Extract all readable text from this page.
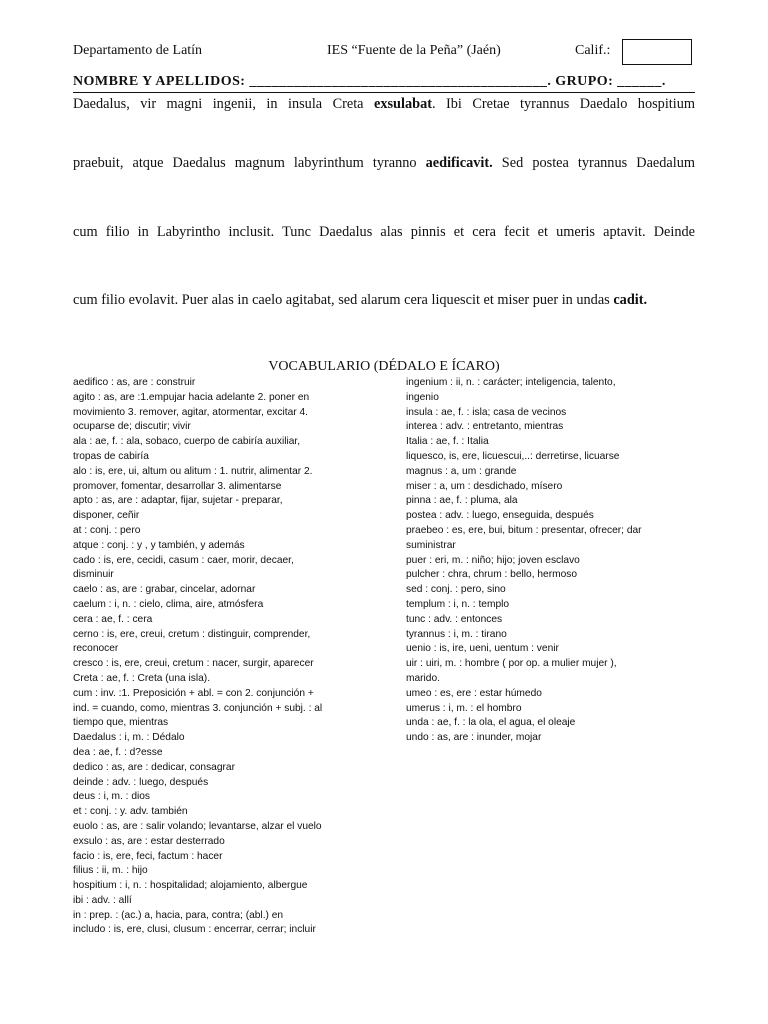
Departamento de Latín	IES “Fuente de la Peña” (Jaén)	Calif.:
NOMBRE Y APELLIDOS: ________________________________________. GRUPO: ______.
Daedalus, vir magni ingenii, in insula Creta exsulabat. Ibi Cretae tyrannus Daedalo hospitium
praebuit, atque Daedalus magnum labyrinthum tyranno aedificavit. Sed postea tyrannus Daedalum
cum filio in Labyrintho inclusit. Tunc Daedalus alas pinnis et cera fecit et umeris aptavit. Deinde
cum filio evolavit. Puer alas in caelo agitabat, sed alarum cera liquescit et miser puer in undas cadit.
VOCABULARIO (DÉDALO E ÍCARO)
aedifico : as, are : construir
agito : as, are :1.empujar hacia adelante 2. poner en
movimiento 3. remover, agitar, atormentar, excitar 4.
ocuparse de; discutir; vivir
ala : ae, f. : ala, sobaco, cuerpo de cabiría auxiliar,
tropas de cabiría
alo : is, ere, ui, altum ou alitum : 1. nutrir, alimentar 2.
promover, fomentar, desarrollar 3. alimentarse
apto : as, are : adaptar, fijar, sujetar - preparar,
disponer, ceñir
at : conj. : pero
atque : conj. : y , y también, y además
cado : is, ere, cecidi, casum : caer, morir, decaer,
disminuir
caelo : as, are : grabar, cincelar, adornar
caelum : i, n. : cielo, clima, aire, atmósfera
cera : ae, f. : cera
cerno : is, ere, creui, cretum : distinguir, comprender,
reconocer
cresco : is, ere, creui, cretum : nacer, surgir, aparecer
Creta : ae, f. : Creta (una isla).
cum : inv. :1. Preposición + abl. = con 2. conjunción +
ind. = cuando, como, mientras 3. conjunción + subj. : al
tiempo que, mientras
Daedalus : i, m. : Dédalo
dea : ae, f. : d?esse
dedico : as, are : dedicar, consagrar
deinde : adv. : luego, después
deus : i, m. : dios
et : conj. : y. adv. también
euolo : as, are : salir volando; levantarse, alzar el vuelo
exsulo : as, are : estar desterrado
facio : is, ere, feci, factum : hacer
filius : ii, m. : hijo
hospitium : i, n. : hospitalidad; alojamiento, albergue
ibi : adv. : allí
in : prep. : (ac.) a, hacia, para, contra; (abl.) en
includo : is, ere, clusi, clusum : encerrar, cerrar; incluir
ingenium : ii, n. : carácter; inteligencia, talento,
ingenio
insula : ae, f. : isla; casa de vecinos
interea : adv. : entretanto, mientras
Italia : ae, f. : Italia
liquesco, is, ere, licuescui,..: derretirse, licuarse
magnus : a, um : grande
miser : a, um : desdichado, mísero
pinna : ae, f. : pluma, ala
postea : adv. : luego, enseguida, después
praebeo : es, ere, bui, bitum : presentar, ofrecer; dar
suministrar
puer : eri, m. : niño; hijo; joven esclavo
pulcher : chra, chrum : bello, hermoso
sed : conj. : pero, sino
templum : i, n. : templo
tunc : adv. : entonces
tyrannus : i, m. : tirano
uenio : is, ire, ueni, uentum : venir
uir : uiri, m. : hombre ( por op. a mulier mujer ),
marido.
umeo : es, ere : estar húmedo
umerus : i, m. : el hombro
unda : ae, f. : la ola, el agua, el oleaje
undo : as, are : inunder, mojar
